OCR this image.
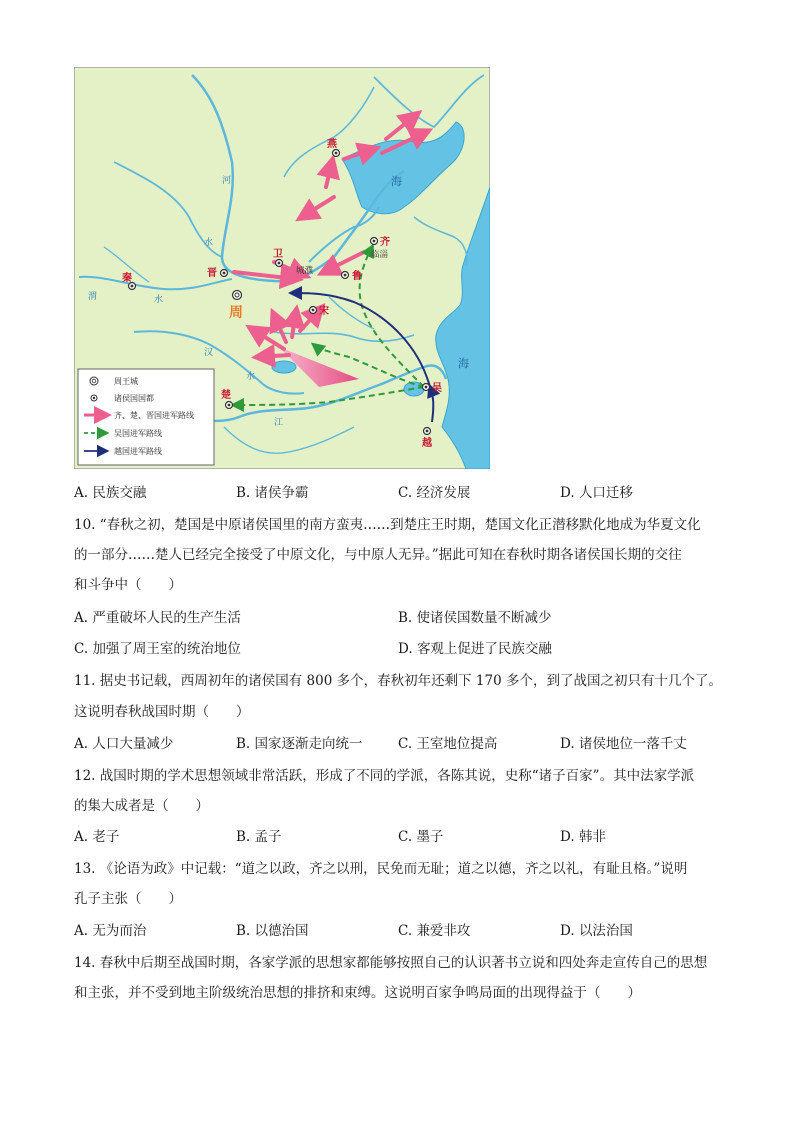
燕
齐
卫
晋
秦	鲁
宋
楚
吴
越
周
临淄
城濮
河
水
渭	水
汉
水
江
海
海
周王城
诸侯国国都
齐、楚、晋国进军路线
吴国进军路线
越国进军路线
A. 民族交融	B. 诸侯争霸	C. 经济发展	D. 人口迁移
10. “春秋之初，楚国是中原诸侯国里的南方蛮夷……到楚庄王时期，楚国文化正潜移默化地成为华夏文化
的一部分……楚人已经完全接受了中原文化，与中原人无异。”据此可知在春秋时期各诸侯国长期的交往
和斗争中（　　）
A. 严重破坏人民的生产生活	B. 使诸侯国数量不断减少
C. 加强了周王室的统治地位	D. 客观上促进了民族交融
11. 据史书记载，西周初年的诸侯国有 800 多个，春秋初年还剩下 170 多个，到了战国之初只有十几个了。
这说明春秋战国时期（　　）
A. 人口大量减少	B. 国家逐渐走向统一	C. 王室地位提高	D. 诸侯地位一落千丈
12. 战国时期的学术思想领域非常活跃，形成了不同的学派，各陈其说，史称“诸子百家”。其中法家学派
的集大成者是（　　）
A. 老子	B. 孟子	C. 墨子	D. 韩非
13. 《论语为政》中记载：“道之以政，齐之以刑，民免而无耻；道之以德，齐之以礼，有耻且格。”说明
孔子主张（　　）
A. 无为而治	B. 以德治国	C. 兼爱非攻	D. 以法治国
14. 春秋中后期至战国时期，各家学派的思想家都能够按照自己的认识著书立说和四处奔走宣传自己的思想
和主张，并不受到地主阶级统治思想的排挤和束缚。这说明百家争鸣局面的出现得益于（　　）
